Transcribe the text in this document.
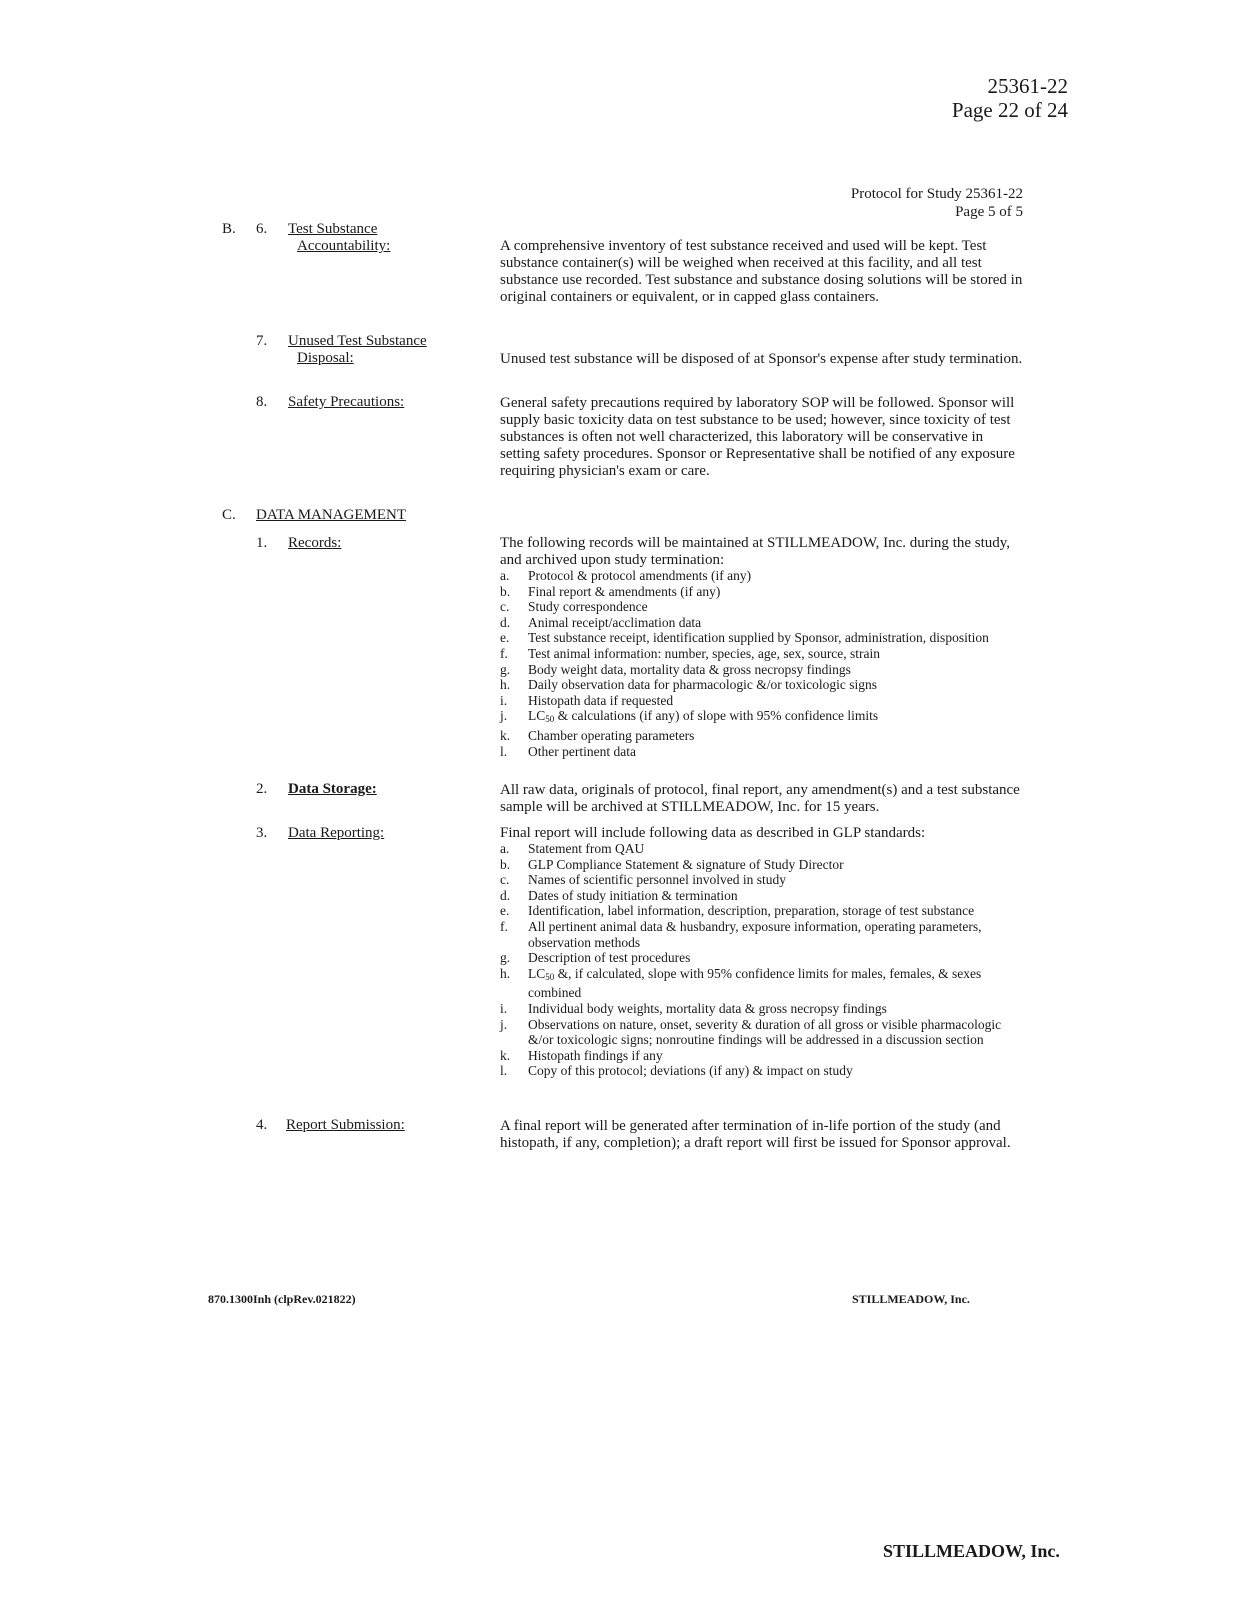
25361-22
Page 22 of 24
Protocol for Study 25361-22
Page 5 of 5
B. 6. Test Substance
Accountability:	A comprehensive inventory of test substance received and used will be kept. Test substance container(s) will be weighed when received at this facility, and all test substance use recorded. Test substance and substance dosing solutions will be stored in original containers or equivalent, or in capped glass containers.
7. Unused Test Substance
Disposal:	Unused test substance will be disposed of at Sponsor's expense after study termination.
8. Safety Precautions:	General safety precautions required by laboratory SOP will be followed. Sponsor will supply basic toxicity data on test substance to be used; however, since toxicity of test substances is often not well characterized, this laboratory will be conservative in setting safety procedures. Sponsor or Representative shall be notified of any exposure requiring physician's exam or care.
C. DATA MANAGEMENT
1. Records:	The following records will be maintained at STILLMEADOW, Inc. during the study, and archived upon study termination:
a. Protocol & protocol amendments (if any)
b. Final report & amendments (if any)
c. Study correspondence
d. Animal receipt/acclimation data
e. Test substance receipt, identification supplied by Sponsor, administration, disposition
f. Test animal information: number, species, age, sex, source, strain
g. Body weight data, mortality data & gross necropsy findings
h. Daily observation data for pharmacologic &/or toxicologic signs
i. Histopath data if requested
j. $LC_{50}$ & calculations (if any) of slope with 95% confidence limits
k. Chamber operating parameters
l. Other pertinent data
2. Data Storage:	All raw data, originals of protocol, final report, any amendment(s) and a test substance sample will be archived at STILLMEADOW, Inc. for 15 years.
3. Data Reporting:	Final report will include following data as described in GLP standards:
a. Statement from QAU
b. GLP Compliance Statement & signature of Study Director
c. Names of scientific personnel involved in study
d. Dates of study initiation & termination
e. Identification, label information, description, preparation, storage of test substance
f. All pertinent animal data & husbandry, exposure information, operating parameters, observation methods
g. Description of test procedures
h. $LC_{50}$ &, if calculated, slope with 95% confidence limits for males, females, & sexes combined
i. Individual body weights, mortality data & gross necropsy findings
j. Observations on nature, onset, severity & duration of all gross or visible pharmacologic &/or toxicologic signs; nonroutine findings will be addressed in a discussion section
k. Histopath findings if any
l. Copy of this protocol; deviations (if any) & impact on study
4. Report Submission:	A final report will be generated after termination of in-life portion of the study (and histopath, if any, completion); a draft report will first be issued for Sponsor approval.
870.1300Inh (clpRev.021822)	STILLMEADOW, Inc.
STILLMEADOW, Inc.
